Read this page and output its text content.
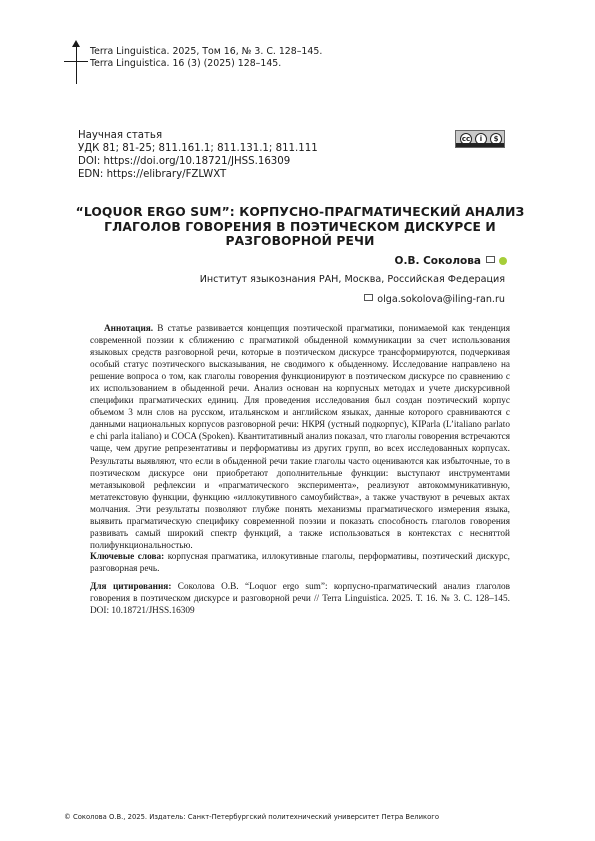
Terra Linguistica. 2025, Том 16, № 3. С. 128–145.
Terra Linguistica. 16 (3) (2025) 128–145.
Научная статья
УДК 81; 81-25; 811.161.1; 811.131.1; 811.111
DOI: https://doi.org/10.18721/JHSS.16309
EDN: https://elibrary/FZLWXT
cc	i	$
“LOQUOR ERGO SUM”: КОРПУСНО-ПРАГМАТИЧЕСКИЙ АНАЛИЗ ГЛАГОЛОВ ГОВОРЕНИЯ В ПОЭТИЧЕСКОМ ДИСКУРСЕ И РАЗГОВОРНОЙ РЕЧИ
О.В. Соколова
Институт языкознания РАН, Москва, Российская Федерация
olga.sokolova@iling-ran.ru
Аннотация. В статье развивается концепция поэтической прагматики, понимаемой как тенденция современной поэзии к сближению с прагматикой обыденной коммуникации за счет использования языковых средств разговорной речи, которые в поэтическом дискурсе трансформируются, подчеркивая особый статус поэтического высказывания, не сводимого к обыденному. Исследование направлено на решение вопроса о том, как глаголы говорения функционируют в поэтическом дискурсе по сравнению с их использованием в обыденной речи. Анализ основан на корпусных методах и учете дискурсивной специфики прагматических единиц. Для проведения исследования был создан поэтический корпус объемом 3 млн слов на русском, итальянском и английском языках, данные которого сравниваются с данными национальных корпусов разговорной речи: НКРЯ (устный подкорпус), KIParla (L’italiano parlato e chi parla italiano) и COCA (Spoken). Квантитативный анализ показал, что глаголы говорения встречаются чаще, чем другие репрезентативы и перформативы из других групп, во всех исследованных корпусах. Результаты выявляют, что если в обыденной речи такие глаголы часто оцениваются как избыточные, то в поэтическом дискурсе они приобретают дополнительные функции: выступают инструментами метаязыковой рефлексии и «прагматического эксперимента», реализуют автокоммуникативную, метатекстовую функции, функцию «иллокутивного самоубийства», а также участвуют в речевых актах молчания. Эти результаты позволяют глубже понять механизмы прагматического измерения языка, выявить прагматическую специфику современной поэзии и показать способность глаголов говорения развивать самый широкий спектр функций, а также использоваться в контекстах с несняттой полифункциональностью.
Ключевые слова: корпусная прагматика, иллокутивные глаголы, перформативы, поэтический дискурс, разговорная речь.
Для цитирования: Соколова О.В. “Loquor ergo sum”: корпусно-прагматический анализ глаголов говорения в поэтическом дискурсе и разговорной речи // Terra Linguistica. 2025. Т. 16. № 3. С. 128–145. DOI: 10.18721/JHSS.16309
© Соколова О.В., 2025. Издатель: Санкт-Петербургский политехнический университет Петра Великого
